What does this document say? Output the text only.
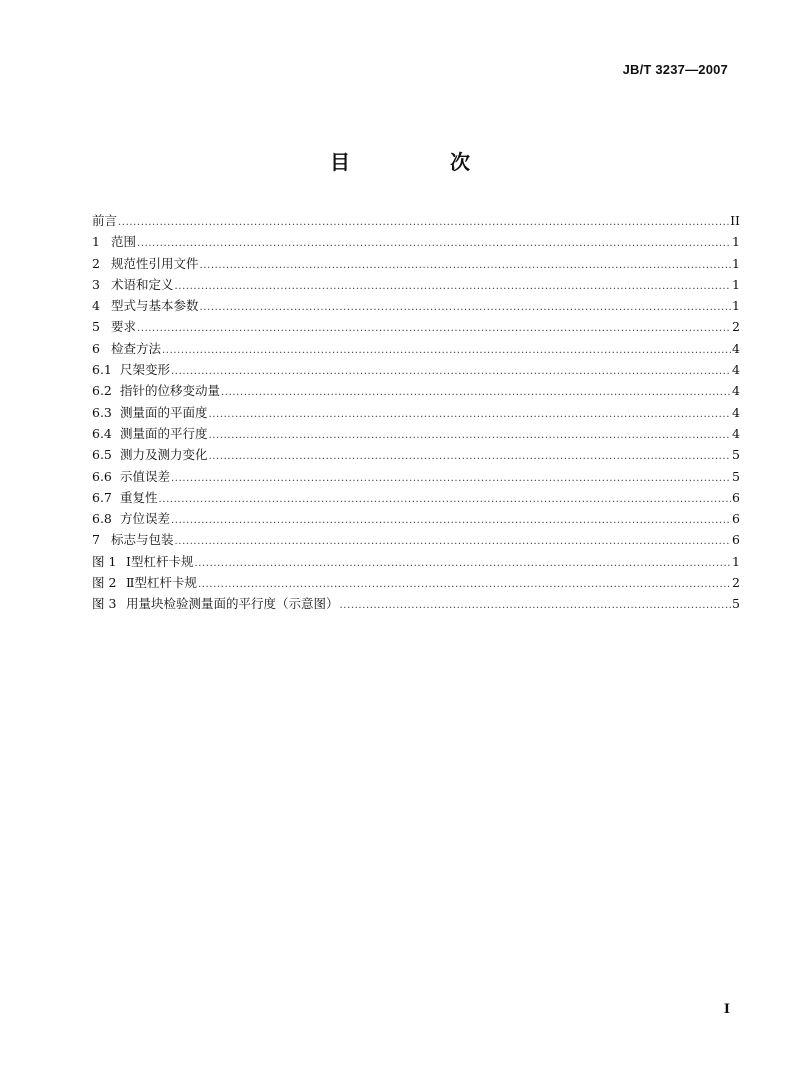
JB/T 3237—2007
目　次
前言 .....	II
1 范围 .....	1
2 规范性引用文件 .....	1
3 术语和定义 .....	1
4 型式与基本参数 .....	1
5 要求 .....	2
6 检查方法 .....	4
6.1 尺架变形 .....	4
6.2 指针的位移变动量 .....	4
6.3 测量面的平面度 .....	4
6.4 测量面的平行度 .....	4
6.5 测力及测力变化 .....	5
6.6 示值误差 .....	5
6.7 重复性 .....	6
6.8 方位误差 .....	6
7 标志与包装 .....	6
图 1 Ⅰ型杠杆卡规 .....	1
图 2 Ⅱ型杠杆卡规 .....	2
图 3 用量块检验测量面的平行度（示意图） .....	5
I
